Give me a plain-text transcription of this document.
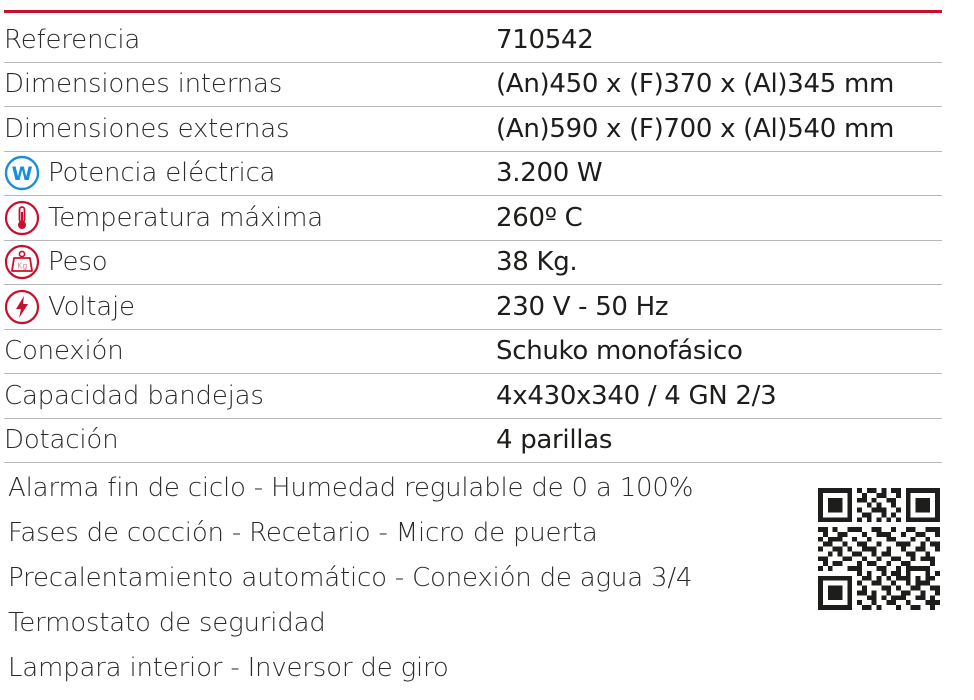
Referencia	710542
Dimensiones internas	(An)450 x (F)370 x (Al)345 mm
Dimensiones externas	(An)590 x (F)700 x (Al)540 mm
W Potencia eléctrica	3.200 W
Temperatura máxima	260º C
Kg Peso	38 Kg.
Voltaje	230 V - 50 Hz
Conexión	Schuko monofásico
Capacidad bandejas	4x430x340 / 4 GN 2/3
Dotación	4 parillas
Alarma fin de ciclo - Humedad regulable de 0 a 100%
Fases de cocción - Recetario - Micro de puerta
Precalentamiento automático - Conexión de agua 3/4
Termostato de seguridad
Lampara interior - Inversor de giro
